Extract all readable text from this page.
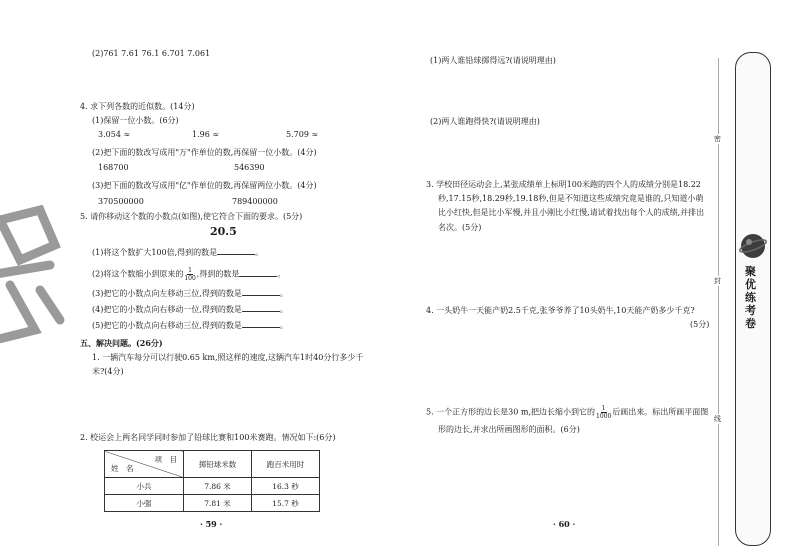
(2)761 7.61 76.1 6.701 7.061
4. 求下列各数的近似数。(14分)
(1)保留一位小数。(6分)
3.054 ≈	1.96 ≈	5.709 ≈
(2)把下面的数改写成用"万"作单位的数,再保留一位小数。(4分)
168700	546390
(3)把下面的数改写成用"亿"作单位的数,再保留两位小数。(4分)
370500000	789400000
5. 请你移动这个数的小数点(如图),使它符合下面的要求。(5分)
20.5
(1)将这个数扩大100倍,得到的数是	。
(2)将这个数缩小到原来的 $\frac{1}{100}$ ,得到的数是	。
(3)把它的小数点向左移动三位,得到的数是	。
(4)把它的小数点向右移动一位,得到的数是	。
(5)把它的小数点向右移动三位,得到的数是	。
五、解决问题。(26分)
1. 一辆汽车每分可以行驶0.65 km,照这样的速度,这辆汽车1时40分行多少千
米?(4分)
2. 校运会上两名同学同时参加了铅球比赛和100米赛跑。情况如下:(6分)
项　目
姓　名	掷铅球米数	跑百米用时
小兵	7.86 米	16.3 秒
小强	7.81 米	15.7 秒
· 59 ·
(1)两人谁铅球掷得远?(请说明理由)
(2)两人谁跑得快?(请说明理由)
3. 学校田径运动会上,某张成绩单上标明100米跑的四个人的成绩分别是18.22
秒,17.15秒,18.29秒,19.18秒,但是不知道这些成绩究竟是谁的,只知道小萌
比小红快,但是比小军慢,并且小刚比小红慢,请试着找出每个人的成绩,并排出
名次。(5分)
4. 一头奶牛一天能产奶2.5千克,张爷爷养了10头奶牛,10天能产奶多少千克?
(5分)
5. 一个正方形的边长是30 m,把边长缩小到它的 $\frac{1}{1000}$ 后画出来。标出所画平面图
形的边长,并求出所画图形的面积。(6分)
· 60 ·
密
封
线
聚优练考卷
